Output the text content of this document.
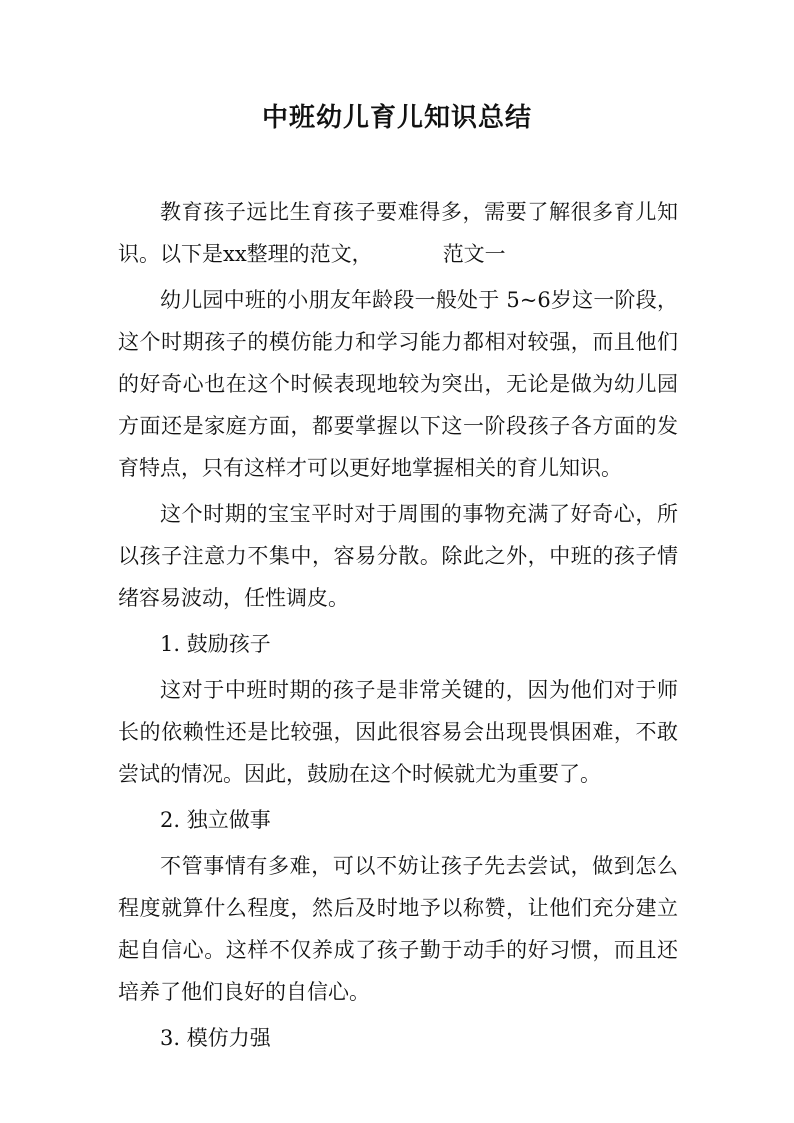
中班幼儿育儿知识总结

教育孩子远比生育孩子要难得多，需要了解很多育儿知识。以下是xx整理的范文，	范文一

幼儿园中班的小朋友年龄段一般处于 5~6岁这一阶段，这个时期孩子的模仿能力和学习能力都相对较强，而且他们的好奇心也在这个时候表现地较为突出，无论是做为幼儿园方面还是家庭方面，都要掌握以下这一阶段孩子各方面的发育特点，只有这样才可以更好地掌握相关的育儿知识。

这个时期的宝宝平时对于周围的事物充满了好奇心，所以孩子注意力不集中，容易分散。除此之外，中班的孩子情绪容易波动，任性调皮。

1. 鼓励孩子

这对于中班时期的孩子是非常关键的，因为他们对于师长的依赖性还是比较强，因此很容易会出现畏惧困难，不敢尝试的情况。因此，鼓励在这个时候就尤为重要了。

2. 独立做事

不管事情有多难，可以不妨让孩子先去尝试，做到怎么程度就算什么程度，然后及时地予以称赞，让他们充分建立起自信心。这样不仅养成了孩子勤于动手的好习惯，而且还培养了他们良好的自信心。

3. 模仿力强
